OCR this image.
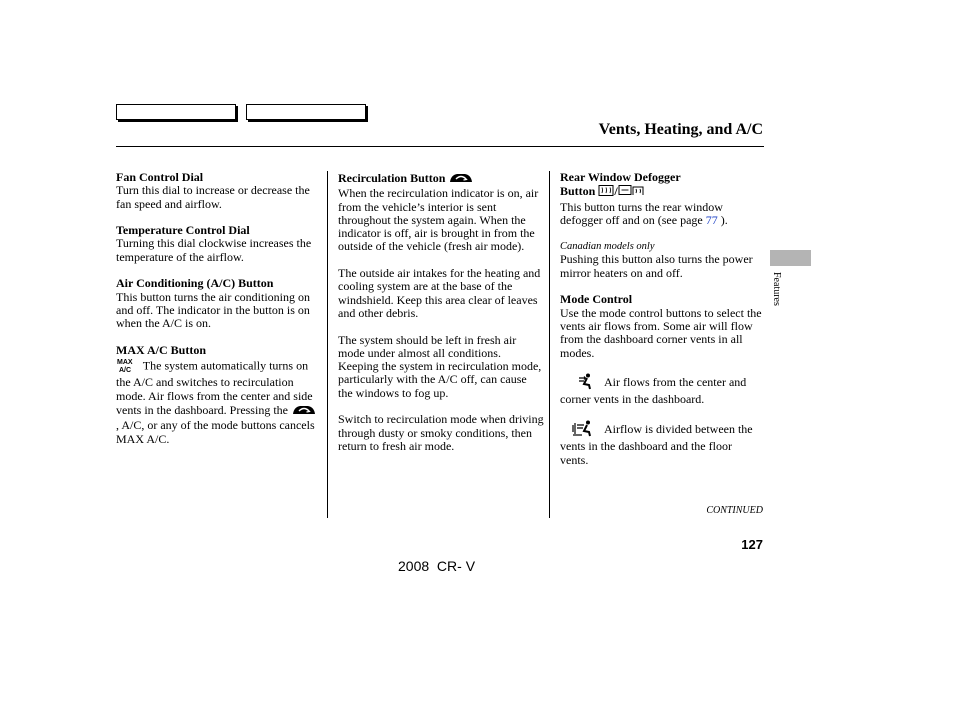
Vents, Heating, and A/C
Features
Fan Control Dial
Turn this dial to increase or decrease the fan speed and airflow.
Temperature Control Dial
Turning this dial clockwise increases the temperature of the airflow.
Air Conditioning (A/C) Button
This button turns the air conditioning on and off. The indicator in the button is on when the A/C is on.
MAX A/C Button
MAX
A/C The system automatically turns on the A/C and switches to recirculation mode. Air flows from the center and side vents in the dashboard. Pressing the  , A/C, or any of the mode buttons cancels MAX A/C.
Recirculation Button
When the recirculation indicator is on, air from the vehicle’s interior is sent throughout the system again. When the indicator is off, air is brought in from the outside of the vehicle (fresh air mode).

The outside air intakes for the heating and cooling system are at the base of the windshield. Keep this area clear of leaves and other debris.

The system should be left in fresh air mode under almost all conditions. Keeping the system in recirculation mode, particularly with the A/C off, can cause the windows to fog up.

Switch to recirculation mode when driving through dusty or smoky conditions, then return to fresh air mode.

Rear Window Defogger
Button /
This button turns the rear window defogger off and on (see page 77 ).
Canadian models only

Pushing this button also turns the power mirror heaters on and off.

Mode Control
Use the mode control buttons to select the vents air flows from. Some air will flow from the dashboard corner vents in all modes.
Air flows from the center and corner vents in the dashboard.
Airflow is divided between the vents in the dashboard and the floor vents.
CONTINUED
127
2008  CR- V
